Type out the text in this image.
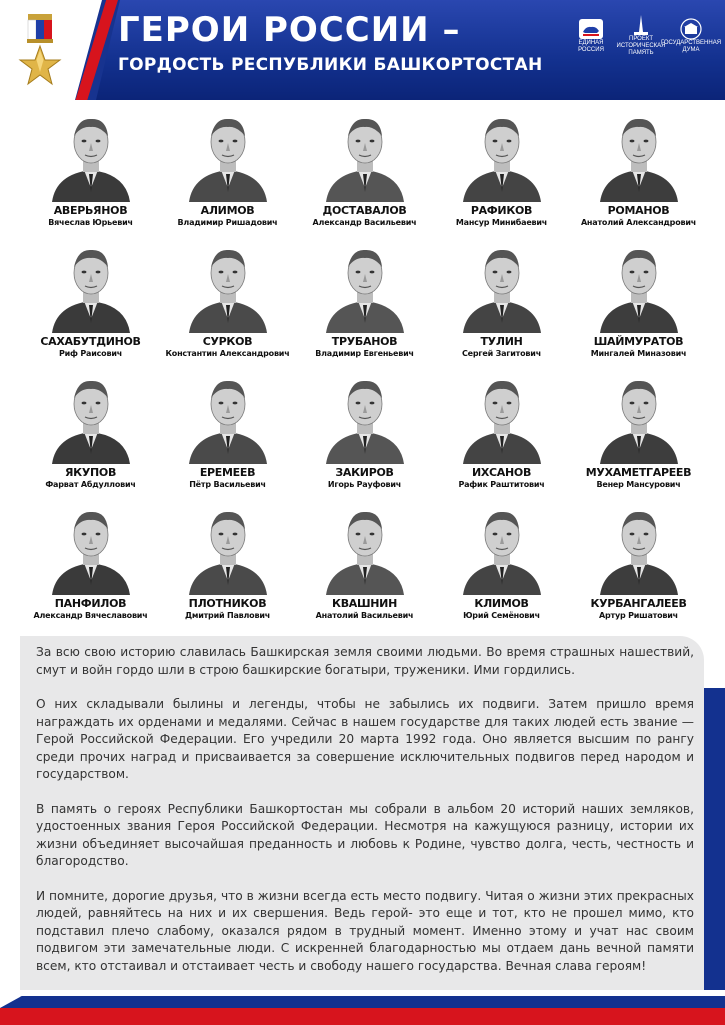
ГЕРОИ РОССИИ –
ГОРДОСТЬ РЕСПУБЛИКИ БАШКОРТОСТАН
ЕДИНАЯ РОССИЯ
ПРОЕКТ ИСТОРИЧЕСКАЯ ПАМЯТЬ
ГОСУДАРСТВЕННАЯ ДУМА
АВЕРЬЯНОВ
Вячеслав Юрьевич
АЛИМОВ
Владимир Ришадович
ДОСТАВАЛОВ
Александр Васильевич
РАФИКОВ
Мансур Минибаевич
РОМАНОВ
Анатолий Александрович
САХАБУТДИНОВ
Риф Раисович
СУРКОВ
Константин Александрович
ТРУБАНОВ
Владимир Евгеньевич
ТУЛИН
Сергей Загитович
ШАЙМУРАТОВ
Мингалей Миназович
ЯКУПОВ
Фарват Абдуллович
ЕРЕМЕЕВ
Пётр Васильевич
ЗАКИРОВ
Игорь Рауфович
ИХСАНОВ
Рафик Раштитович
МУХАМЕТГАРЕЕВ
Венер Мансурович
ПАНФИЛОВ
Александр Вячеславович
ПЛОТНИКОВ
Дмитрий Павлович
КВАШНИН
Анатолий Васильевич
КЛИМОВ
Юрий Семёнович
КУРБАНГАЛЕЕВ
Артур Ришатович

За всю свою историю славилась Башкирская земля своими людьми. Во время страшных нашествий, смут и войн гордо шли в строю башкирские богатыри, труженики. Ими гордились.

О них складывали былины и легенды, чтобы не забылись их подвиги. Затем пришло время награждать их орденами и медалями. Сейчас в нашем государстве для таких людей есть звание — Герой Российской Федерации. Его учредили 20 марта 1992 года. Оно является высшим по рангу среди прочих наград и присваивается за совершение исключительных подвигов перед народом и государством.

В память о героях Республики Башкортостан мы собрали в альбом 20 историй наших земляков, удостоенных звания Героя Российской Федерации. Несмотря на кажущуюся разницу, истории их жизни объединяет высочайшая преданность и любовь к Родине, чувство долга, честь, честность и благородство.

И помните, дорогие друзья, что в жизни всегда есть место подвигу. Читая о жизни этих прекрасных людей, равняйтесь на них и их свершения. Ведь герой- это еще и тот, кто не прошел мимо, кто подставил плечо слабому, оказался рядом в трудный момент. Именно этому и учат нас своим подвигом эти замечательные люди. С искренней благодарностью мы отдаем дань вечной памяти всем, кто отстаивал и отстаивает честь и свободу нашего государства. Вечная слава героям!
